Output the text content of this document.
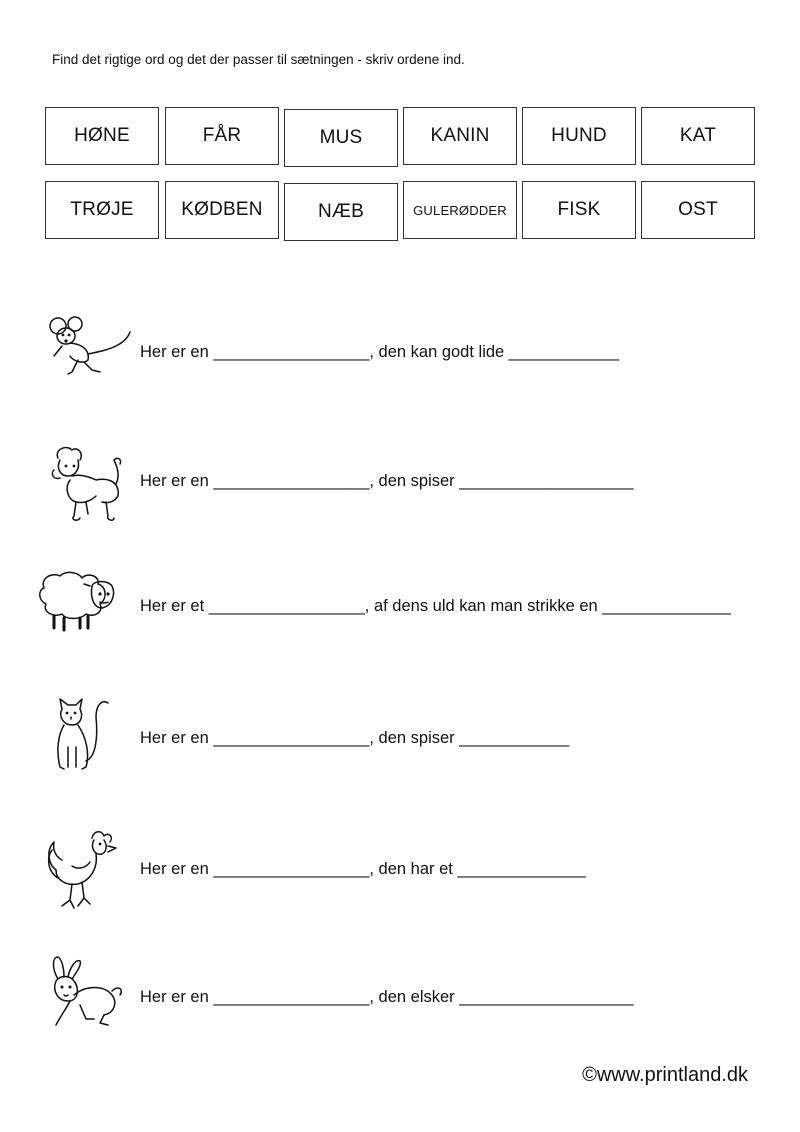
Find det rigtige ord og det der passer til sætningen - skriv ordene ind.
HØNE	FÅR	MUS	KANIN	HUND	KAT
TRØJE	KØDBEN	NÆB	GULERØDDER	FISK	OST
Her er en _________________, den kan godt lide ____________
Her er en _________________, den spiser ___________________
Her er et _________________, af dens uld kan man strikke en ______________
Her er en _________________, den spiser ____________
Her er en _________________, den har et ______________
Her er en _________________, den elsker ___________________
©www.printland.dk
